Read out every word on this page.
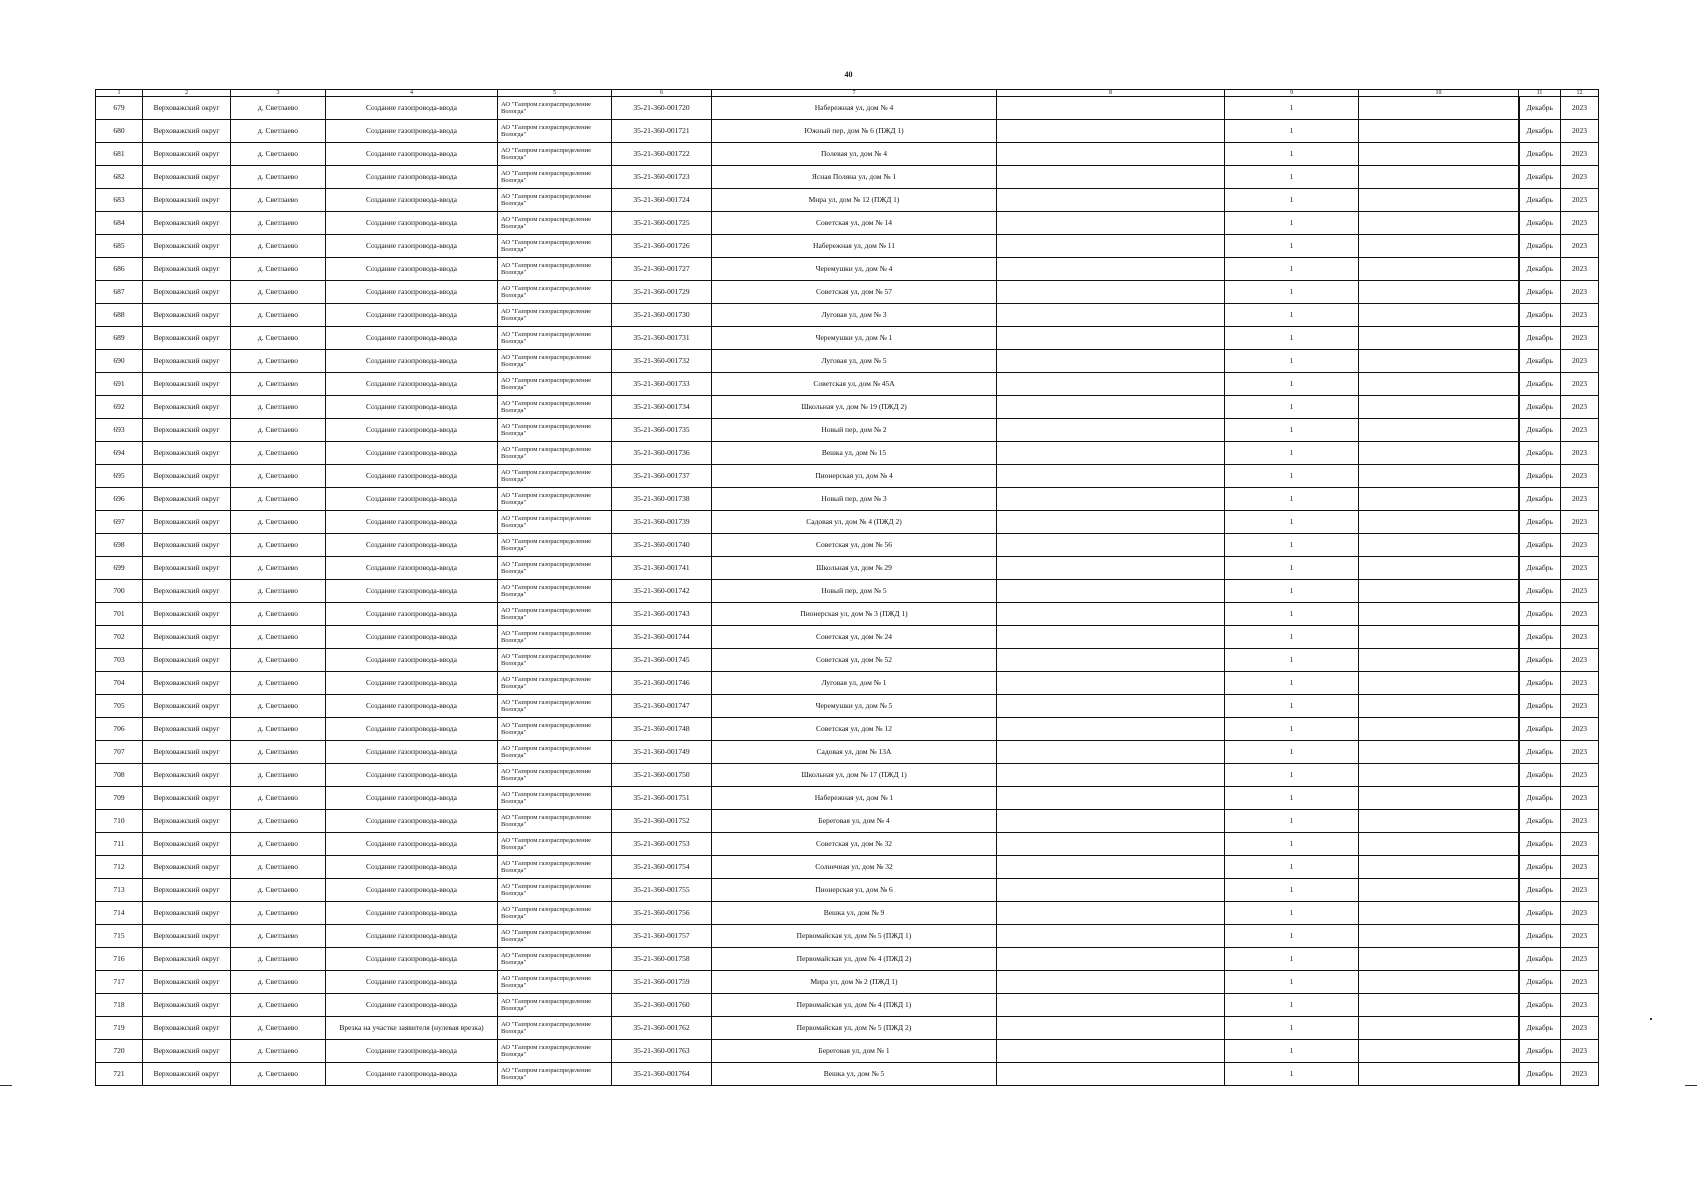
40
1	2	3	4	5	6	7	8	9	10	11	12
679	Верховажский округ	д. Светлаево	Создание газопровода-ввода	АО "Газпром газораспределение Вологда"	35-21-360-001720	Набережная ул, дом № 4		1		Декабрь	2023
680	Верховажский округ	д. Светлаево	Создание газопровода-ввода	АО "Газпром газораспределение Вологда"	35-21-360-001721	Южный пер, дом № 6 (ПЖД 1)		1		Декабрь	2023
681	Верховажский округ	д. Светлаево	Создание газопровода-ввода	АО "Газпром газораспределение Вологда"	35-21-360-001722	Полевая ул, дом № 4		1		Декабрь	2023
682	Верховажский округ	д. Светлаево	Создание газопровода-ввода	АО "Газпром газораспределение Вологда"	35-21-360-001723	Ясная Поляна ул, дом № 1		1		Декабрь	2023
683	Верховажский округ	д. Светлаево	Создание газопровода-ввода	АО "Газпром газораспределение Вологда"	35-21-360-001724	Мира ул, дом № 12 (ПЖД 1)		1		Декабрь	2023
684	Верховажский округ	д. Светлаево	Создание газопровода-ввода	АО "Газпром газораспределение Вологда"	35-21-360-001725	Советская ул, дом № 14		1		Декабрь	2023
685	Верховажский округ	д. Светлаево	Создание газопровода-ввода	АО "Газпром газораспределение Вологда"	35-21-360-001726	Набережная ул, дом № 11		1		Декабрь	2023
686	Верховажский округ	д. Светлаево	Создание газопровода-ввода	АО "Газпром газораспределение Вологда"	35-21-360-001727	Черемушки ул, дом № 4		1		Декабрь	2023
687	Верховажский округ	д. Светлаево	Создание газопровода-ввода	АО "Газпром газораспределение Вологда"	35-21-360-001729	Советская ул, дом № 57		1		Декабрь	2023
688	Верховажский округ	д. Светлаево	Создание газопровода-ввода	АО "Газпром газораспределение Вологда"	35-21-360-001730	Луговая ул, дом № 3		1		Декабрь	2023
689	Верховажский округ	д. Светлаево	Создание газопровода-ввода	АО "Газпром газораспределение Вологда"	35-21-360-001731	Черемушки ул, дом № 1		1		Декабрь	2023
690	Верховажский округ	д. Светлаево	Создание газопровода-ввода	АО "Газпром газораспределение Вологда"	35-21-360-001732	Луговая ул, дом № 5		1		Декабрь	2023
691	Верховажский округ	д. Светлаево	Создание газопровода-ввода	АО "Газпром газораспределение Вологда"	35-21-360-001733	Советская ул, дом № 45А		1		Декабрь	2023
692	Верховажский округ	д. Светлаево	Создание газопровода-ввода	АО "Газпром газораспределение Вологда"	35-21-360-001734	Школьная ул, дом № 19 (ПЖД 2)		1		Декабрь	2023
693	Верховажский округ	д. Светлаево	Создание газопровода-ввода	АО "Газпром газораспределение Вологда"	35-21-360-001735	Новый пер, дом № 2		1		Декабрь	2023
694	Верховажский округ	д. Светлаево	Создание газопровода-ввода	АО "Газпром газораспределение Вологда"	35-21-360-001736	Вешка ул, дом № 15		1		Декабрь	2023
695	Верховажский округ	д. Светлаево	Создание газопровода-ввода	АО "Газпром газораспределение Вологда"	35-21-360-001737	Пионерская ул, дом № 4		1		Декабрь	2023
696	Верховажский округ	д. Светлаево	Создание газопровода-ввода	АО "Газпром газораспределение Вологда"	35-21-360-001738	Новый пер, дом № 3		1		Декабрь	2023
697	Верховажский округ	д. Светлаево	Создание газопровода-ввода	АО "Газпром газораспределение Вологда"	35-21-360-001739	Садовая ул, дом № 4 (ПЖД 2)		1		Декабрь	2023
698	Верховажский округ	д. Светлаево	Создание газопровода-ввода	АО "Газпром газораспределение Вологда"	35-21-360-001740	Советская ул, дом № 56		1		Декабрь	2023
699	Верховажский округ	д. Светлаево	Создание газопровода-ввода	АО "Газпром газораспределение Вологда"	35-21-360-001741	Школьная ул, дом № 29		1		Декабрь	2023
700	Верховажский округ	д. Светлаево	Создание газопровода-ввода	АО "Газпром газораспределение Вологда"	35-21-360-001742	Новый пер, дом № 5		1		Декабрь	2023
701	Верховажский округ	д. Светлаево	Создание газопровода-ввода	АО "Газпром газораспределение Вологда"	35-21-360-001743	Пионерская ул, дом № 3 (ПЖД 1)		1		Декабрь	2023
702	Верховажский округ	д. Светлаево	Создание газопровода-ввода	АО "Газпром газораспределение Вологда"	35-21-360-001744	Советская ул, дом № 24		1		Декабрь	2023
703	Верховажский округ	д. Светлаево	Создание газопровода-ввода	АО "Газпром газораспределение Вологда"	35-21-360-001745	Советская ул, дом № 52		1		Декабрь	2023
704	Верховажский округ	д. Светлаево	Создание газопровода-ввода	АО "Газпром газораспределение Вологда"	35-21-360-001746	Луговая ул, дом № 1		1		Декабрь	2023
705	Верховажский округ	д. Светлаево	Создание газопровода-ввода	АО "Газпром газораспределение Вологда"	35-21-360-001747	Черемушки ул, дом № 5		1		Декабрь	2023
706	Верховажский округ	д. Светлаево	Создание газопровода-ввода	АО "Газпром газораспределение Вологда"	35-21-360-001748	Советская ул, дом № 12		1		Декабрь	2023
707	Верховажский округ	д. Светлаево	Создание газопровода-ввода	АО "Газпром газораспределение Вологда"	35-21-360-001749	Садовая ул, дом № 13А		1		Декабрь	2023
708	Верховажский округ	д. Светлаево	Создание газопровода-ввода	АО "Газпром газораспределение Вологда"	35-21-360-001750	Школьная ул, дом № 17 (ПЖД 1)		1		Декабрь	2023
709	Верховажский округ	д. Светлаево	Создание газопровода-ввода	АО "Газпром газораспределение Вологда"	35-21-360-001751	Набережная ул, дом № 1		1		Декабрь	2023
710	Верховажский округ	д. Светлаево	Создание газопровода-ввода	АО "Газпром газораспределение Вологда"	35-21-360-001752	Береговая ул, дом № 4		1		Декабрь	2023
711	Верховажский округ	д. Светлаево	Создание газопровода-ввода	АО "Газпром газораспределение Вологда"	35-21-360-001753	Советская ул, дом № 32		1		Декабрь	2023
712	Верховажский округ	д. Светлаево	Создание газопровода-ввода	АО "Газпром газораспределение Вологда"	35-21-360-001754	Солнечная ул, дом № 32		1		Декабрь	2023
713	Верховажский округ	д. Светлаево	Создание газопровода-ввода	АО "Газпром газораспределение Вологда"	35-21-360-001755	Пионерская ул, дом № 6		1		Декабрь	2023
714	Верховажский округ	д. Светлаево	Создание газопровода-ввода	АО "Газпром газораспределение Вологда"	35-21-360-001756	Вешка ул, дом № 9		1		Декабрь	2023
715	Верховажский округ	д. Светлаево	Создание газопровода-ввода	АО "Газпром газораспределение Вологда"	35-21-360-001757	Первомайская ул, дом № 5 (ПЖД 1)		1		Декабрь	2023
716	Верховажский округ	д. Светлаево	Создание газопровода-ввода	АО "Газпром газораспределение Вологда"	35-21-360-001758	Первомайская ул, дом № 4 (ПЖД 2)		1		Декабрь	2023
717	Верховажский округ	д. Светлаево	Создание газопровода-ввода	АО "Газпром газораспределение Вологда"	35-21-360-001759	Мира ул, дом № 2 (ПЖД 1)		1		Декабрь	2023
718	Верховажский округ	д. Светлаево	Создание газопровода-ввода	АО "Газпром газораспределение Вологда"	35-21-360-001760	Первомайская ул, дом № 4 (ПЖД 1)		1		Декабрь	2023
719	Верховажский округ	д. Светлаево	Врезка на участке заявителя (нулевая врезка)	АО "Газпром газораспределение Вологда"	35-21-360-001762	Первомайская ул, дом № 5 (ПЖД 2)		1		Декабрь	2023
720	Верховажский округ	д. Светлаево	Создание газопровода-ввода	АО "Газпром газораспределение Вологда"	35-21-360-001763	Береговая ул, дом № 1		1		Декабрь	2023
721	Верховажский округ	д. Светлаево	Создание газопровода-ввода	АО "Газпром газораспределение Вологда"	35-21-360-001764	Вешка ул, дом № 5		1		Декабрь	2023
